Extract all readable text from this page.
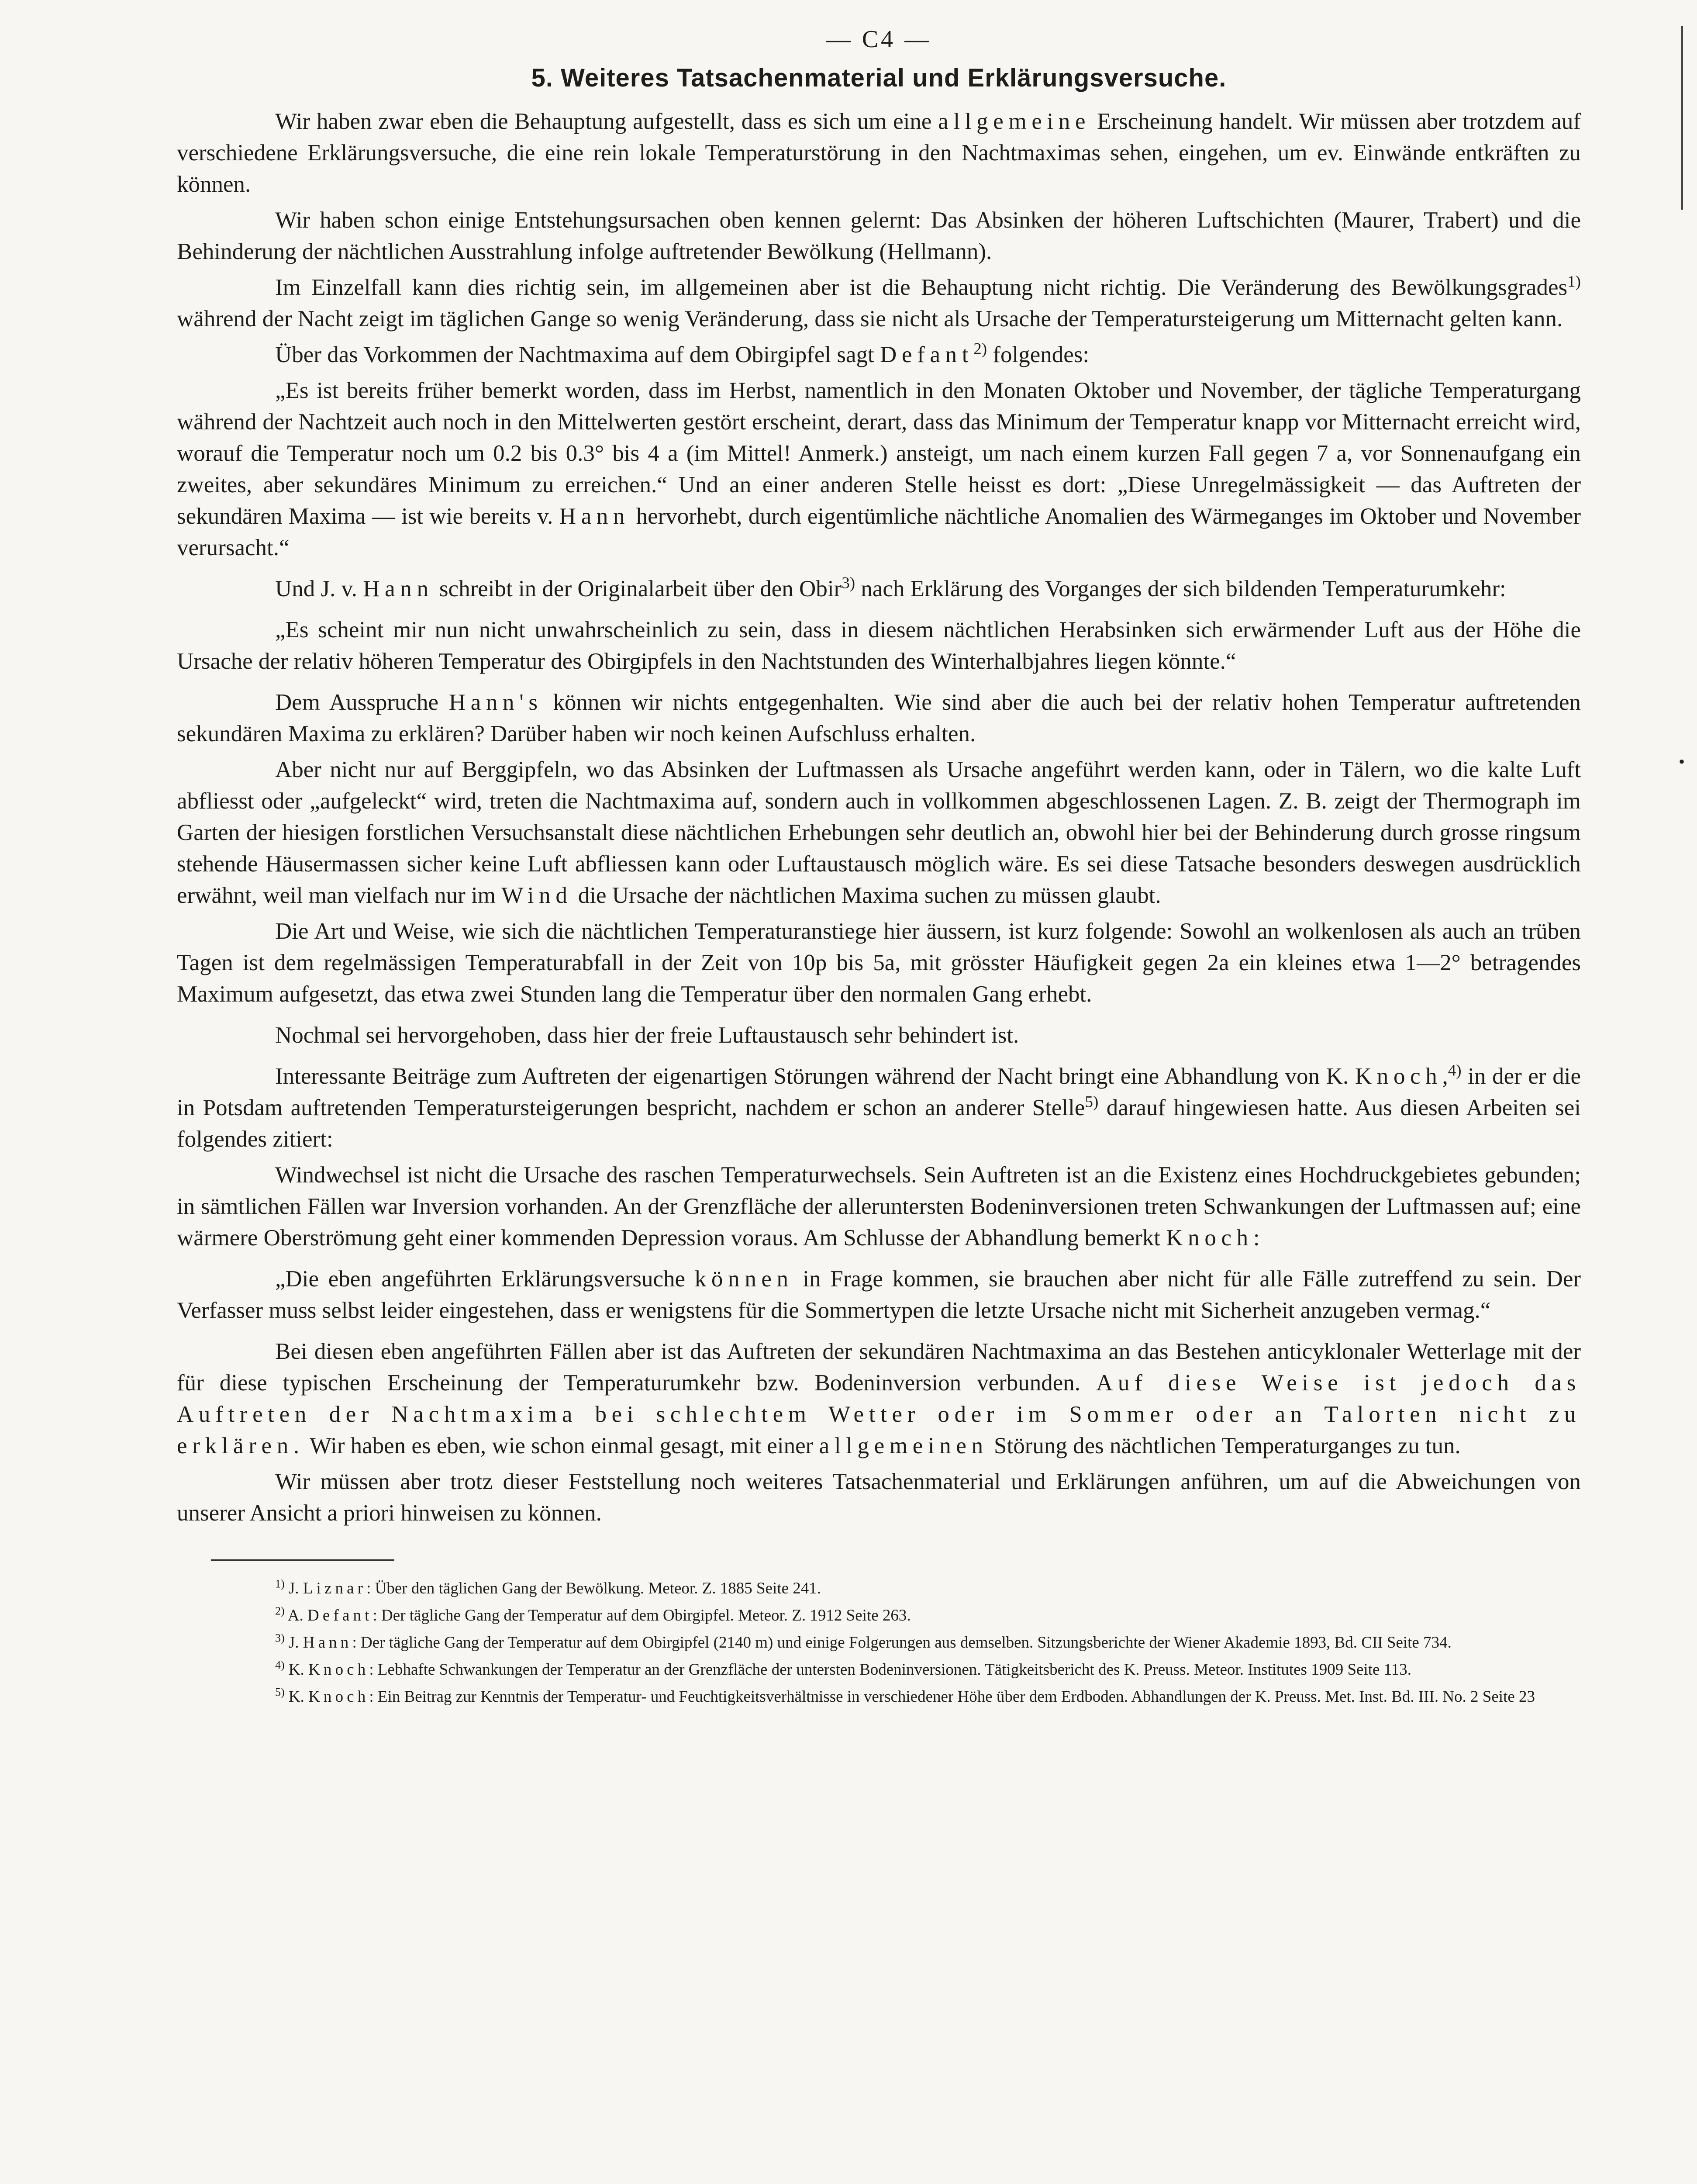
•
— C4 —
5. Weiteres Tatsachenmaterial und Erklärungsversuche.

Wir haben zwar eben die Behauptung aufgestellt, dass es sich um eine allgemeine Erscheinung handelt. Wir müssen aber trotzdem auf verschiedene Erklärungsversuche, die eine rein lokale Temperaturstörung in den Nachtmaximas sehen, eingehen, um ev. Einwände entkräften zu können.

Wir haben schon einige Entstehungsursachen oben kennen gelernt: Das Absinken der höheren Luftschichten (Maurer, Trabert) und die Behinderung der nächtlichen Ausstrahlung infolge auftretender Bewölkung (Hellmann).

Im Einzelfall kann dies richtig sein, im allgemeinen aber ist die Behauptung nicht richtig. Die Veränderung des Bewölkungsgrades$^{1)}$ während der Nacht zeigt im täglichen Gange so wenig Veränderung, dass sie nicht als Ursache der Temperatursteigerung um Mitternacht gelten kann.

Über das Vorkommen der Nachtmaxima auf dem Obirgipfel sagt Defant$^{2)}$ folgendes:

„Es ist bereits früher bemerkt worden, dass im Herbst, namentlich in den Monaten Oktober und November, der tägliche Temperaturgang während der Nachtzeit auch noch in den Mittelwerten gestört erscheint, derart, dass das Minimum der Temperatur knapp vor Mitternacht erreicht wird, worauf die Temperatur noch um 0.2 bis 0.3° bis 4 a (im Mittel! Anmerk.) ansteigt, um nach einem kurzen Fall gegen 7 a, vor Sonnenaufgang ein zweites, aber sekundäres Minimum zu erreichen.“ Und an einer anderen Stelle heisst es dort: „Diese Unregelmässigkeit — das Auftreten der sekundären Maxima — ist wie bereits v. Hann hervorhebt, durch eigentümliche nächtliche Anomalien des Wärmeganges im Oktober und November verursacht.“

Und J. v. Hann schreibt in der Originalarbeit über den Obir$^{3)}$ nach Erklärung des Vorganges der sich bildenden Temperaturumkehr:

„Es scheint mir nun nicht unwahrscheinlich zu sein, dass in diesem nächtlichen Herabsinken sich erwärmender Luft aus der Höhe die Ursache der relativ höheren Temperatur des Obirgipfels in den Nachtstunden des Winterhalbjahres liegen könnte.“

Dem Ausspruche Hann's können wir nichts entgegenhalten. Wie sind aber die auch bei der relativ hohen Temperatur auftretenden sekundären Maxima zu erklären? Darüber haben wir noch keinen Aufschluss erhalten.

Aber nicht nur auf Berggipfeln, wo das Absinken der Luftmassen als Ursache angeführt werden kann, oder in Tälern, wo die kalte Luft abfliesst oder „aufgeleckt“ wird, treten die Nachtmaxima auf, sondern auch in vollkommen abgeschlossenen Lagen. Z. B. zeigt der Thermograph im Garten der hiesigen forstlichen Versuchsanstalt diese nächtlichen Erhebungen sehr deutlich an, obwohl hier bei der Behinderung durch grosse ringsum stehende Häusermassen sicher keine Luft abfliessen kann oder Luftaustausch möglich wäre. Es sei diese Tatsache besonders deswegen ausdrücklich erwähnt, weil man vielfach nur im Wind die Ursache der nächtlichen Maxima suchen zu müssen glaubt.

Die Art und Weise, wie sich die nächtlichen Temperaturanstiege hier äussern, ist kurz folgende: Sowohl an wolkenlosen als auch an trüben Tagen ist dem regelmässigen Temperaturabfall in der Zeit von 10p bis 5a, mit grösster Häufigkeit gegen 2a ein kleines etwa 1—2° betragendes Maximum aufgesetzt, das etwa zwei Stunden lang die Temperatur über den normalen Gang erhebt.

Nochmal sei hervorgehoben, dass hier der freie Luftaustausch sehr behindert ist.

Interessante Beiträge zum Auftreten der eigenartigen Störungen während der Nacht bringt eine Abhandlung von K. Knoch,$^{4)}$ in der er die in Potsdam auftretenden Temperatursteigerungen bespricht, nachdem er schon an anderer Stelle$^{5)}$ darauf hingewiesen hatte. Aus diesen Arbeiten sei folgendes zitiert:

Windwechsel ist nicht die Ursache des raschen Temperaturwechsels. Sein Auftreten ist an die Existenz eines Hochdruckgebietes gebunden; in sämtlichen Fällen war Inversion vorhanden. An der Grenzfläche der alleruntersten Bodeninversionen treten Schwankungen der Luftmassen auf; eine wärmere Oberströmung geht einer kommenden Depression voraus. Am Schlusse der Abhandlung bemerkt Knoch:

„Die eben angeführten Erklärungsversuche können in Frage kommen, sie brauchen aber nicht für alle Fälle zutreffend zu sein. Der Verfasser muss selbst leider eingestehen, dass er wenigstens für die Sommertypen die letzte Ursache nicht mit Sicherheit anzugeben vermag.“

Bei diesen eben angeführten Fällen aber ist das Auftreten der sekundären Nachtmaxima an das Bestehen anticyklonaler Wetterlage mit der für diese typischen Erscheinung der Temperaturumkehr bzw. Bodeninversion verbunden. Auf diese Weise ist jedoch das Auftreten der Nachtmaxima bei schlechtem Wetter oder im Sommer oder an Talorten nicht zu erklären. Wir haben es eben, wie schon einmal gesagt, mit einer allgemeinen Störung des nächtlichen Temperaturganges zu tun.

Wir müssen aber trotz dieser Feststellung noch weiteres Tatsachenmaterial und Erklärungen anführen, um auf die Abweichungen von unserer Ansicht a priori hinweisen zu können.

$^{1)}$ J. Liznar: Über den täglichen Gang der Bewölkung. Meteor. Z. 1885 Seite 241.

$^{2)}$ A. Defant: Der tägliche Gang der Temperatur auf dem Obirgipfel. Meteor. Z. 1912 Seite 263.

$^{3)}$ J. Hann: Der tägliche Gang der Temperatur auf dem Obirgipfel (2140 m) und einige Folgerungen aus demselben. Sitzungsberichte der Wiener Akademie 1893, Bd. CII Seite 734.

$^{4)}$ K. Knoch: Lebhafte Schwankungen der Temperatur an der Grenzfläche der untersten Bodeninversionen. Tätigkeitsbericht des K. Preuss. Meteor. Institutes 1909 Seite 113.

$^{5)}$ K. Knoch: Ein Beitrag zur Kenntnis der Temperatur- und Feuchtigkeitsverhältnisse in verschiedener Höhe über dem Erdboden. Abhandlungen der K. Preuss. Met. Inst. Bd. III. No. 2 Seite 23
